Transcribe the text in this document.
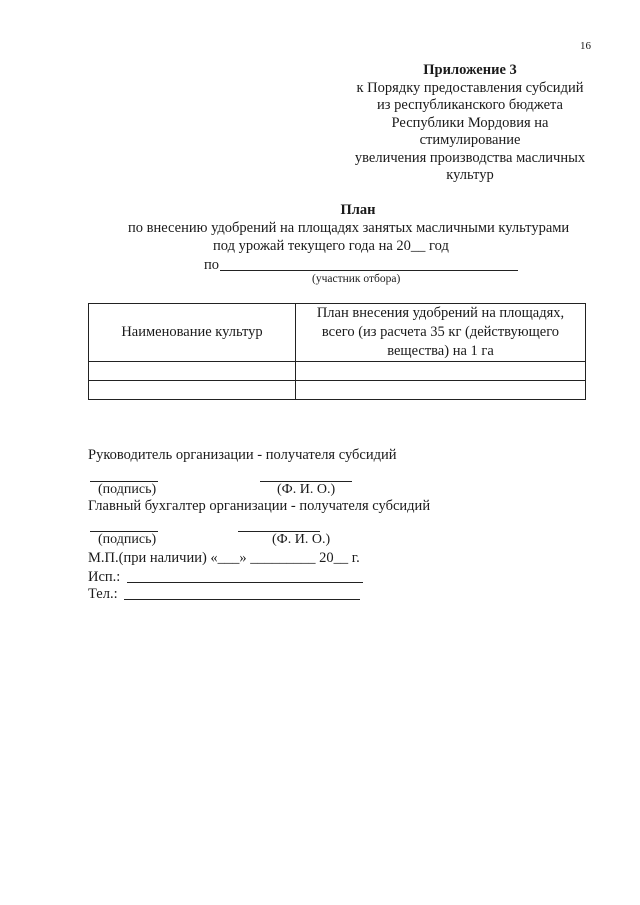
16
Приложение 3
к Порядку предоставления субсидий
из республиканского бюджета
Республики Мордовия на
стимулирование
увеличения производства масличных
культур
План
по внесению удобрений на площадях занятых масличными культурами
под урожай текущего года на 20__ год
по
(участник отбора)
Наименование культур	План внесения удобрений на площадях, всего (из расчета 35 кг (действующего вещества) на 1 га

Руководитель организации - получателя субсидий
(подпись)	(Ф. И. О.)
Главный бухгалтер организации - получателя субсидий
(подпись)	(Ф. И. О.)
М.П.(при наличии) «___» _________ 20__ г.
Исп.:
Тел.:
